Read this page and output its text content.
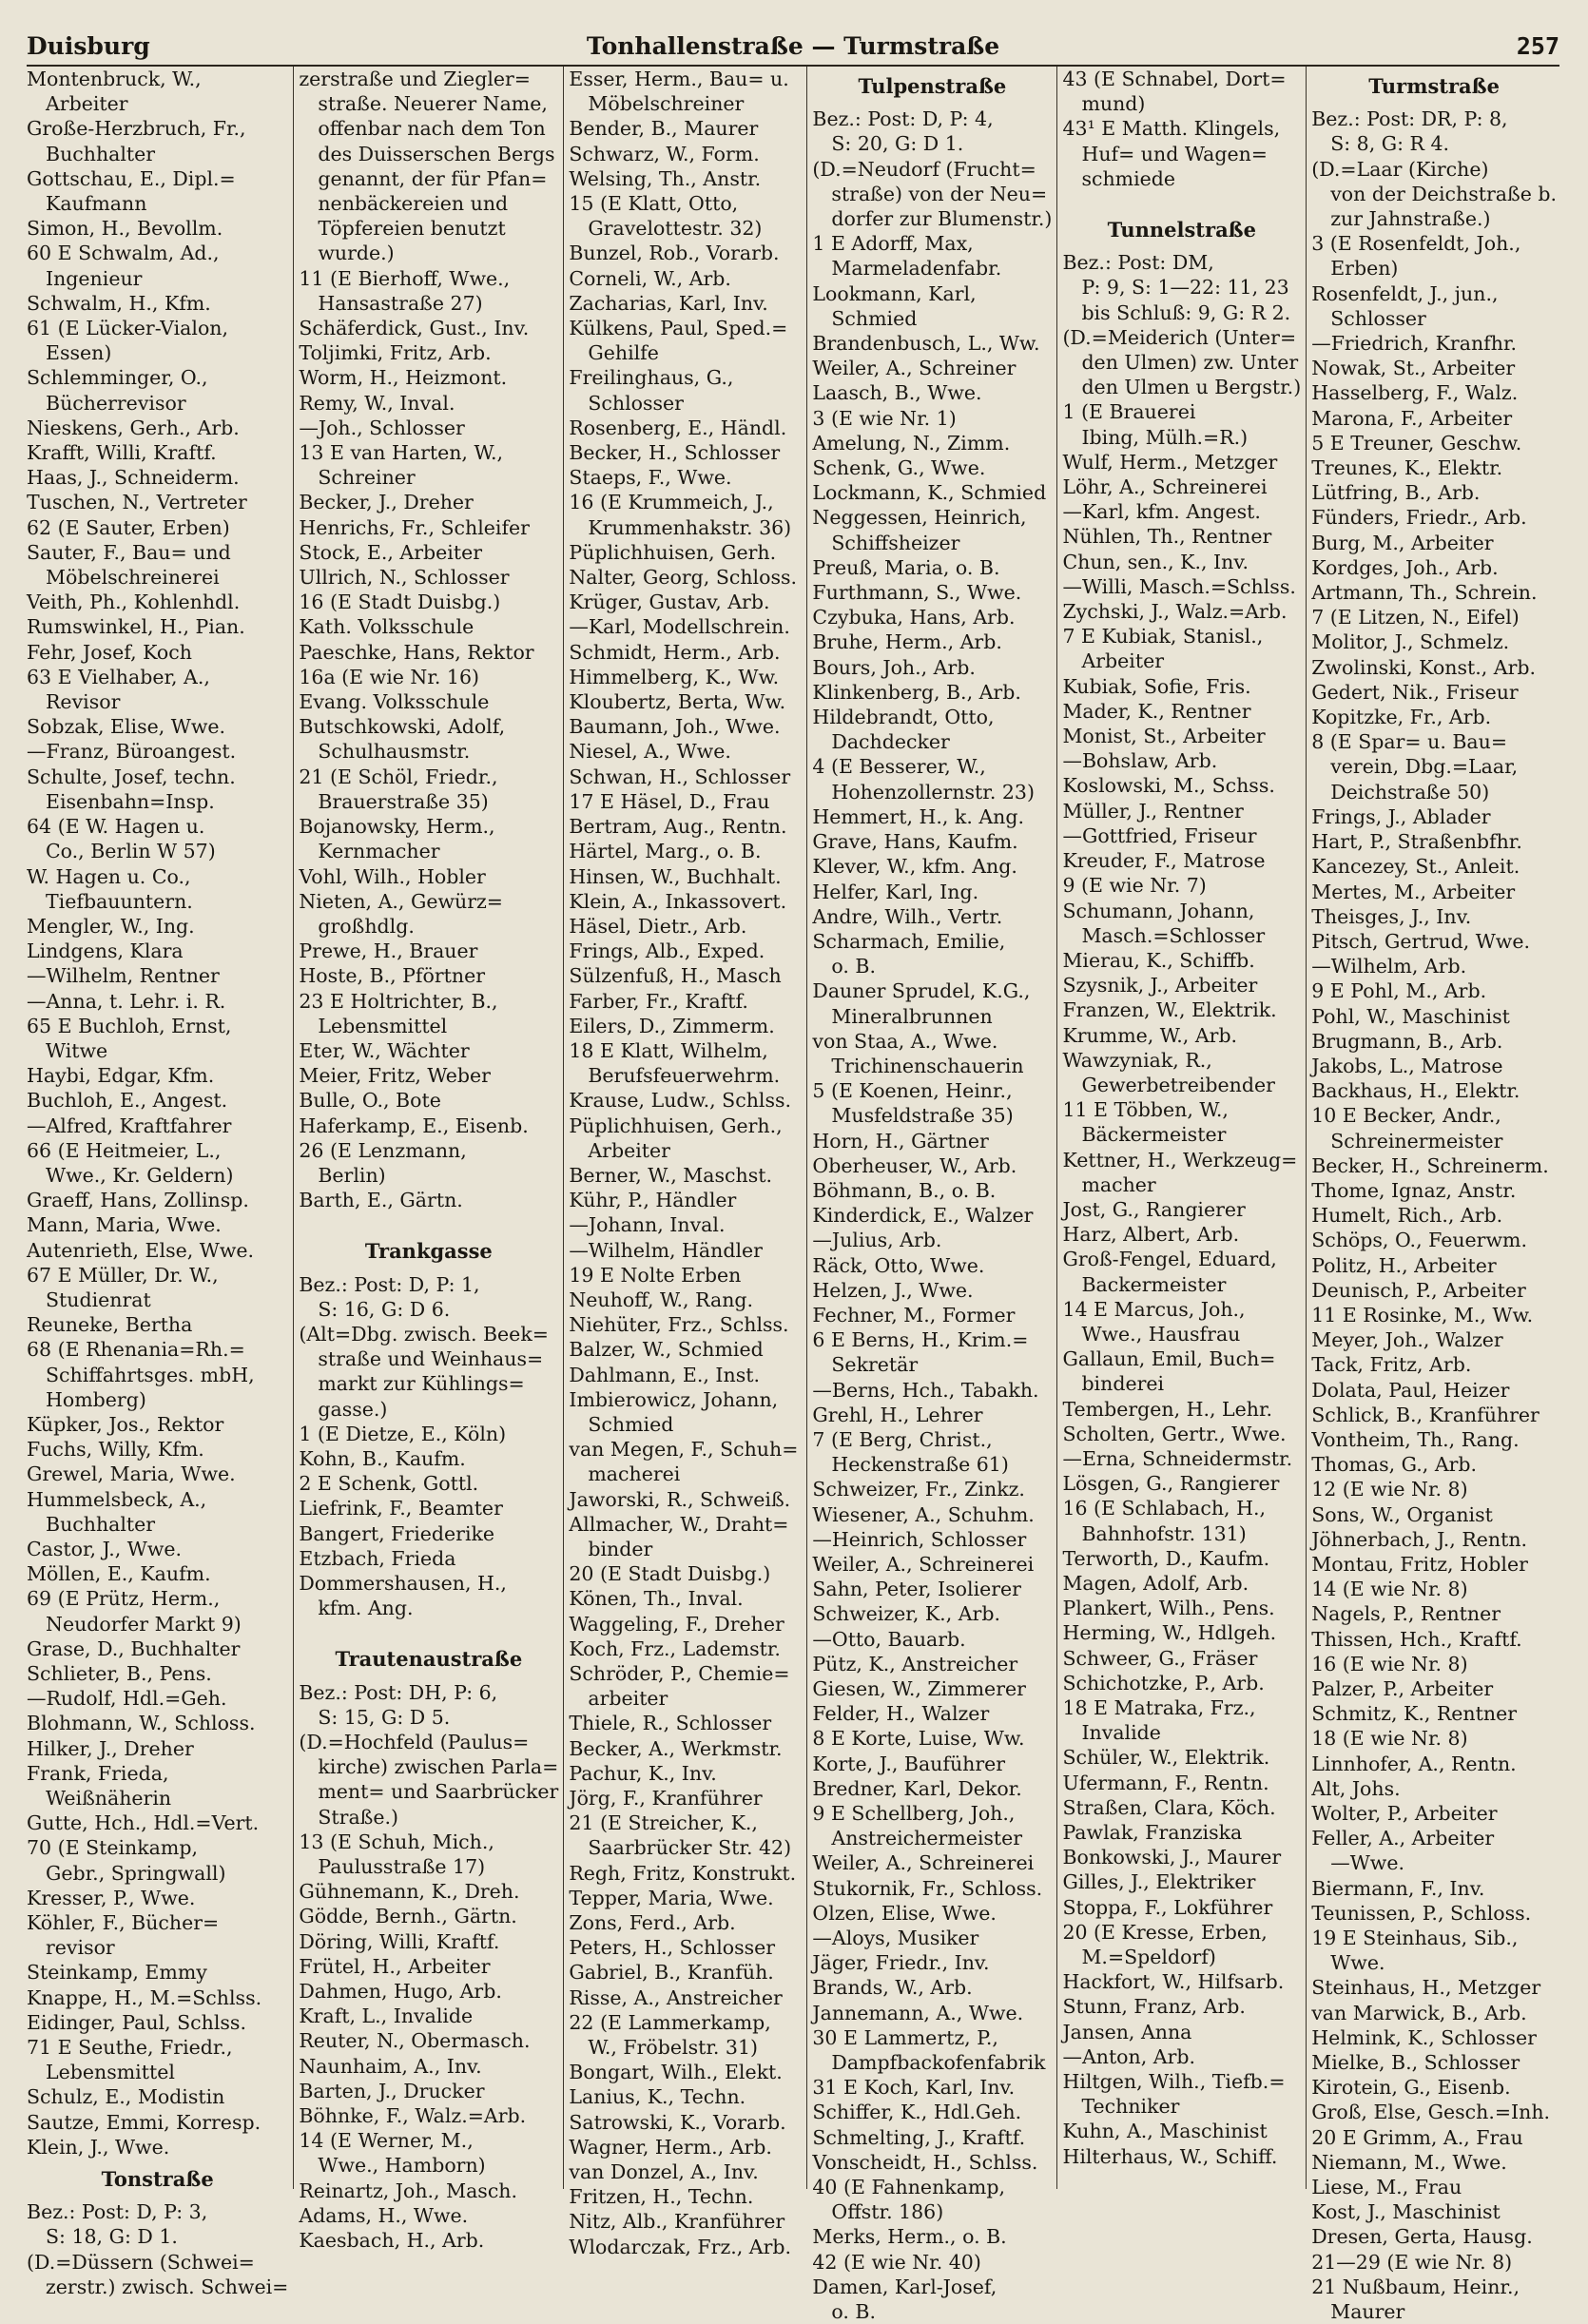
Duisburg	Tonhallenstraße — Turmstraße	257
Montenbruck, W.,
Arbeiter
Große-Herzbruch, Fr.,
Buchhalter
Gottschau, E., Dipl.=
Kaufmann
Simon, H., Bevollm.
60 E Schwalm, Ad.,
Ingenieur
Schwalm, H., Kfm.
61 (E Lücker-Vialon,
Essen)
Schlemminger, O.,
Bücherrevisor
Nieskens, Gerh., Arb.
Krafft, Willi, Kraftf.
Haas, J., Schneiderm.
Tuschen, N., Vertreter
62 (E Sauter, Erben)
Sauter, F., Bau= und
Möbelschreinerei
Veith, Ph., Kohlenhdl.
Rumswinkel, H., Pian.
Fehr, Josef, Koch
63 E Vielhaber, A.,
Revisor
Sobzak, Elise, Wwe.
—Franz, Büroangest.
Schulte, Josef, techn.
Eisenbahn=Insp.
64 (E W. Hagen u.
Co., Berlin W 57)
W. Hagen u. Co.,
Tiefbauuntern.
Mengler, W., Ing.
Lindgens, Klara
—Wilhelm, Rentner
—Anna, t. Lehr. i. R.
65 E Buchloh, Ernst,
Witwe
Haybi, Edgar, Kfm.
Buchloh, E., Angest.
—Alfred, Kraftfahrer
66 (E Heitmeier, L.,
Wwe., Kr. Geldern)
Graeff, Hans, Zollinsp.
Mann, Maria, Wwe.
Autenrieth, Else, Wwe.
67 E Müller, Dr. W.,
Studienrat
Reuneke, Bertha
68 (E Rhenania=Rh.=
Schiffahrtsges. mbH,
Homberg)
Küpker, Jos., Rektor
Fuchs, Willy, Kfm.
Grewel, Maria, Wwe.
Hummelsbeck, A.,
Buchhalter
Castor, J., Wwe.
Möllen, E., Kaufm.
69 (E Prütz, Herm.,
Neudorfer Markt 9)
Grase, D., Buchhalter
Schlieter, B., Pens.
—Rudolf, Hdl.=Geh.
Blohmann, W., Schloss.
Hilker, J., Dreher
Frank, Frieda,
Weißnäherin
Gutte, Hch., Hdl.=Vert.
70 (E Steinkamp,
Gebr., Springwall)
Kresser, P., Wwe.
Köhler, F., Bücher=
revisor
Steinkamp, Emmy
Knappe, H., M.=Schlss.
Eidinger, Paul, Schlss.
71 E Seuthe, Friedr.,
Lebensmittel
Schulz, E., Modistin
Sautze, Emmi, Korresp.
Klein, J., Wwe.
Tonstraße
Bez.: Post: D, P: 3,
S: 18, G: D 1.
(D.=Düssern (Schwei=
zerstr.) zwisch. Schwei=
zerstraße und Ziegler=
straße. Neuerer Name,
offenbar nach dem Ton
des Duisserschen Bergs
genannt, der für Pfan=
nenbäckereien und
Töpfereien benutzt
wurde.)
11 (E Bierhoff, Wwe.,
Hansastraße 27)
Schäferdick, Gust., Inv.
Toljimki, Fritz, Arb.
Worm, H., Heizmont.
Remy, W., Inval.
—Joh., Schlosser
13 E van Harten, W.,
Schreiner
Becker, J., Dreher
Henrichs, Fr., Schleifer
Stock, E., Arbeiter
Ullrich, N., Schlosser
16 (E Stadt Duisbg.)
Kath. Volksschule
Paeschke, Hans, Rektor
16a (E wie Nr. 16)
Evang. Volksschule
Butschkowski, Adolf,
Schulhausmstr.
21 (E Schöl, Friedr.,
Brauerstraße 35)
Bojanowsky, Herm.,
Kernmacher
Vohl, Wilh., Hobler
Nieten, A., Gewürz=
großhdlg.
Prewe, H., Brauer
Hoste, B., Pförtner
23 E Holtrichter, B.,
Lebensmittel
Eter, W., Wächter
Meier, Fritz, Weber
Bulle, O., Bote
Haferkamp, E., Eisenb.
26 (E Lenzmann,
Berlin)
Barth, E., Gärtn.
Trankgasse
Bez.: Post: D, P: 1,
S: 16, G: D 6.
(Alt=Dbg. zwisch. Beek=
straße und Weinhaus=
markt zur Kühlings=
gasse.)
1 (E Dietze, E., Köln)
Kohn, B., Kaufm.
2 E Schenk, Gottl.
Liefrink, F., Beamter
Bangert, Friederike
Etzbach, Frieda
Dommershausen, H.,
kfm. Ang.
Trautenaustraße
Bez.: Post: DH, P: 6,
S: 15, G: D 5.
(D.=Hochfeld (Paulus=
kirche) zwischen Parla=
ment= und Saarbrücker
Straße.)
13 (E Schuh, Mich.,
Paulusstraße 17)
Gühnemann, K., Dreh.
Gödde, Bernh., Gärtn.
Döring, Willi, Kraftf.
Frütel, H., Arbeiter
Dahmen, Hugo, Arb.
Kraft, L., Invalide
Reuter, N., Obermasch.
Naunhaim, A., Inv.
Barten, J., Drucker
Böhnke, F., Walz.=Arb.
14 (E Werner, M.,
Wwe., Hamborn)
Reinartz, Joh., Masch.
Adams, H., Wwe.
Kaesbach, H., Arb.
Esser, Herm., Bau= u.
Möbelschreiner
Bender, B., Maurer
Schwarz, W., Form.
Welsing, Th., Anstr.
15 (E Klatt, Otto,
Gravelottestr. 32)
Bunzel, Rob., Vorarb.
Corneli, W., Arb.
Zacharias, Karl, Inv.
Külkens, Paul, Sped.=
Gehilfe
Freilinghaus, G.,
Schlosser
Rosenberg, E., Händl.
Becker, H., Schlosser
Staeps, F., Wwe.
16 (E Krummeich, J.,
Krummenhakstr. 36)
Püplichhuisen, Gerh.
Nalter, Georg, Schloss.
Krüger, Gustav, Arb.
—Karl, Modellschrein.
Schmidt, Herm., Arb.
Himmelberg, K., Ww.
Kloubertz, Berta, Ww.
Baumann, Joh., Wwe.
Niesel, A., Wwe.
Schwan, H., Schlosser
17 E Häsel, D., Frau
Bertram, Aug., Rentn.
Härtel, Marg., o. B.
Hinsen, W., Buchhalt.
Klein, A., Inkassovert.
Häsel, Dietr., Arb.
Frings, Alb., Exped.
Sülzenfuß, H., Masch
Farber, Fr., Kraftf.
Eilers, D., Zimmerm.
18 E Klatt, Wilhelm,
Berufsfeuerwehrm.
Krause, Ludw., Schlss.
Püplichhuisen, Gerh.,
Arbeiter
Berner, W., Maschst.
Kühr, P., Händler
—Johann, Inval.
—Wilhelm, Händler
19 E Nolte Erben
Neuhoff, W., Rang.
Niehüter, Frz., Schlss.
Balzer, W., Schmied
Dahlmann, E., Inst.
Imbierowicz, Johann,
Schmied
van Megen, F., Schuh=
macherei
Jaworski, R., Schweiß.
Allmacher, W., Draht=
binder
20 (E Stadt Duisbg.)
Könen, Th., Inval.
Waggeling, F., Dreher
Koch, Frz., Lademstr.
Schröder, P., Chemie=
arbeiter
Thiele, R., Schlosser
Becker, A., Werkmstr.
Pachur, K., Inv.
Jörg, F., Kranführer
21 (E Streicher, K.,
Saarbrücker Str. 42)
Regh, Fritz, Konstrukt.
Tepper, Maria, Wwe.
Zons, Ferd., Arb.
Peters, H., Schlosser
Gabriel, B., Kranfüh.
Risse, A., Anstreicher
22 (E Lammerkamp,
W., Fröbelstr. 31)
Bongart, Wilh., Elekt.
Lanius, K., Techn.
Satrowski, K., Vorarb.
Wagner, Herm., Arb.
van Donzel, A., Inv.
Fritzen, H., Techn.
Nitz, Alb., Kranführer
Wlodarczak, Frz., Arb.
Tulpenstraße
Bez.: Post: D, P: 4,
S: 20, G: D 1.
(D.=Neudorf (Frucht=
straße) von der Neu=
dorfer zur Blumenstr.)
1 E Adorff, Max,
Marmeladenfabr.
Lookmann, Karl,
Schmied
Brandenbusch, L., Ww.
Weiler, A., Schreiner
Laasch, B., Wwe.
3 (E wie Nr. 1)
Amelung, N., Zimm.
Schenk, G., Wwe.
Lockmann, K., Schmied
Neggessen, Heinrich,
Schiffsheizer
Preuß, Maria, o. B.
Furthmann, S., Wwe.
Czybuka, Hans, Arb.
Bruhe, Herm., Arb.
Bours, Joh., Arb.
Klinkenberg, B., Arb.
Hildebrandt, Otto,
Dachdecker
4 (E Besserer, W.,
Hohenzollernstr. 23)
Hemmert, H., k. Ang.
Grave, Hans, Kaufm.
Klever, W., kfm. Ang.
Helfer, Karl, Ing.
Andre, Wilh., Vertr.
Scharmach, Emilie,
o. B.
Dauner Sprudel, K.G.,
Mineralbrunnen
von Staa, A., Wwe.
Trichinenschauerin
5 (E Koenen, Heinr.,
Musfeldstraße 35)
Horn, H., Gärtner
Oberheuser, W., Arb.
Böhmann, B., o. B.
Kinderdick, E., Walzer
—Julius, Arb.
Räck, Otto, Wwe.
Helzen, J., Wwe.
Fechner, M., Former
6 E Berns, H., Krim.=
Sekretär
—Berns, Hch., Tabakh.
Grehl, H., Lehrer
7 (E Berg, Christ.,
Heckenstraße 61)
Schweizer, Fr., Zinkz.
Wiesener, A., Schuhm.
—Heinrich, Schlosser
Weiler, A., Schreinerei
Sahn, Peter, Isolierer
Schweizer, K., Arb.
—Otto, Bauarb.
Pütz, K., Anstreicher
Giesen, W., Zimmerer
Felder, H., Walzer
8 E Korte, Luise, Ww.
Korte, J., Bauführer
Bredner, Karl, Dekor.
9 E Schellberg, Joh.,
Anstreichermeister
Weiler, A., Schreinerei
Stukornik, Fr., Schloss.
Olzen, Elise, Wwe.
—Aloys, Musiker
Jäger, Friedr., Inv.
Brands, W., Arb.
Jannemann, A., Wwe.
30 E Lammertz, P.,
Dampfbackofenfabrik
31 E Koch, Karl, Inv.
Schiffer, K., Hdl.Geh.
Schmelting, J., Kraftf.
Vonscheidt, H., Schlss.
40 (E Fahnenkamp,
Offstr. 186)
Merks, Herm., o. B.
42 (E wie Nr. 40)
Damen, Karl-Josef,
o. B.
43 (E Schnabel, Dort=
mund)
43¹ E Matth. Klingels,
Huf= und Wagen=
schmiede
Tunnelstraße
Bez.: Post: DM,
P: 9, S: 1—22: 11, 23
bis Schluß: 9, G: R 2.
(D.=Meiderich (Unter=
den Ulmen) zw. Unter
den Ulmen u Bergstr.)
1 (E Brauerei
Ibing, Mülh.=R.)
Wulf, Herm., Metzger
Löhr, A., Schreinerei
—Karl, kfm. Angest.
Nühlen, Th., Rentner
Chun, sen., K., Inv.
—Willi, Masch.=Schlss.
Zychski, J., Walz.=Arb.
7 E Kubiak, Stanisl.,
Arbeiter
Kubiak, Sofie, Fris.
Mader, K., Rentner
Monist, St., Arbeiter
—Bohslaw, Arb.
Koslowski, M., Schss.
Müller, J., Rentner
—Gottfried, Friseur
Kreuder, F., Matrose
9 (E wie Nr. 7)
Schumann, Johann,
Masch.=Schlosser
Mierau, K., Schiffb.
Szysnik, J., Arbeiter
Franzen, W., Elektrik.
Krumme, W., Arb.
Wawzyniak, R.,
Gewerbetreibender
11 E Többen, W.,
Bäckermeister
Kettner, H., Werkzeug=
macher
Jost, G., Rangierer
Harz, Albert, Arb.
Groß-Fengel, Eduard,
Backermeister
14 E Marcus, Joh.,
Wwe., Hausfrau
Gallaun, Emil, Buch=
binderei
Tembergen, H., Lehr.
Scholten, Gertr., Wwe.
—Erna, Schneidermstr.
Lösgen, G., Rangierer
16 (E Schlabach, H.,
Bahnhofstr. 131)
Terworth, D., Kaufm.
Magen, Adolf, Arb.
Plankert, Wilh., Pens.
Herming, W., Hdlgeh.
Schweer, G., Fräser
Schichotzke, P., Arb.
18 E Matraka, Frz.,
Invalide
Schüler, W., Elektrik.
Ufermann, F., Rentn.
Straßen, Clara, Köch.
Pawlak, Franziska
Bonkowski, J., Maurer
Gilles, J., Elektriker
Stoppa, F., Lokführer
20 (E Kresse, Erben,
M.=Speldorf)
Hackfort, W., Hilfsarb.
Stunn, Franz, Arb.
Jansen, Anna
—Anton, Arb.
Hiltgen, Wilh., Tiefb.=
Techniker
Kuhn, A., Maschinist
Hilterhaus, W., Schiff.
Turmstraße
Bez.: Post: DR, P: 8,
S: 8, G: R 4.
(D.=Laar (Kirche)
von der Deichstraße b.
zur Jahnstraße.)
3 (E Rosenfeldt, Joh.,
Erben)
Rosenfeldt, J., jun.,
Schlosser
—Friedrich, Kranfhr.
Nowak, St., Arbeiter
Hasselberg, F., Walz.
Marona, F., Arbeiter
5 E Treuner, Geschw.
Treunes, K., Elektr.
Lütfring, B., Arb.
Fünders, Friedr., Arb.
Burg, M., Arbeiter
Kordges, Joh., Arb.
Artmann, Th., Schrein.
7 (E Litzen, N., Eifel)
Molitor, J., Schmelz.
Zwolinski, Konst., Arb.
Gedert, Nik., Friseur
Kopitzke, Fr., Arb.
8 (E Spar= u. Bau=
verein, Dbg.=Laar,
Deichstraße 50)
Frings, J., Ablader
Hart, P., Straßenbfhr.
Kancezey, St., Anleit.
Mertes, M., Arbeiter
Theisges, J., Inv.
Pitsch, Gertrud, Wwe.
—Wilhelm, Arb.
9 E Pohl, M., Arb.
Pohl, W., Maschinist
Brugmann, B., Arb.
Jakobs, L., Matrose
Backhaus, H., Elektr.
10 E Becker, Andr.,
Schreinermeister
Becker, H., Schreinerm.
Thome, Ignaz, Anstr.
Humelt, Rich., Arb.
Schöps, O., Feuerwm.
Politz, H., Arbeiter
Deunisch, P., Arbeiter
11 E Rosinke, M., Ww.
Meyer, Joh., Walzer
Tack, Fritz, Arb.
Dolata, Paul, Heizer
Schlick, B., Kranführer
Vontheim, Th., Rang.
Thomas, G., Arb.
12 (E wie Nr. 8)
Sons, W., Organist
Jöhnerbach, J., Rentn.
Montau, Fritz, Hobler
14 (E wie Nr. 8)
Nagels, P., Rentner
Thissen, Hch., Kraftf.
16 (E wie Nr. 8)
Palzer, P., Arbeiter
Schmitz, K., Rentner
18 (E wie Nr. 8)
Linnhofer, A., Rentn.
Alt, Johs.
Wolter, P., Arbeiter
Feller, A., Arbeiter
—Wwe.
Biermann, F., Inv.
Teunissen, P., Schloss.
19 E Steinhaus, Sib.,
Wwe.
Steinhaus, H., Metzger
van Marwick, B., Arb.
Helmink, K., Schlosser
Mielke, B., Schlosser
Kirotein, G., Eisenb.
Groß, Else, Gesch.=Inh.
20 E Grimm, A., Frau
Niemann, M., Wwe.
Liese, M., Frau
Kost, J., Maschinist
Dresen, Gerta, Hausg.
21—29 (E wie Nr. 8)
21 Nußbaum, Heinr.,
Maurer
